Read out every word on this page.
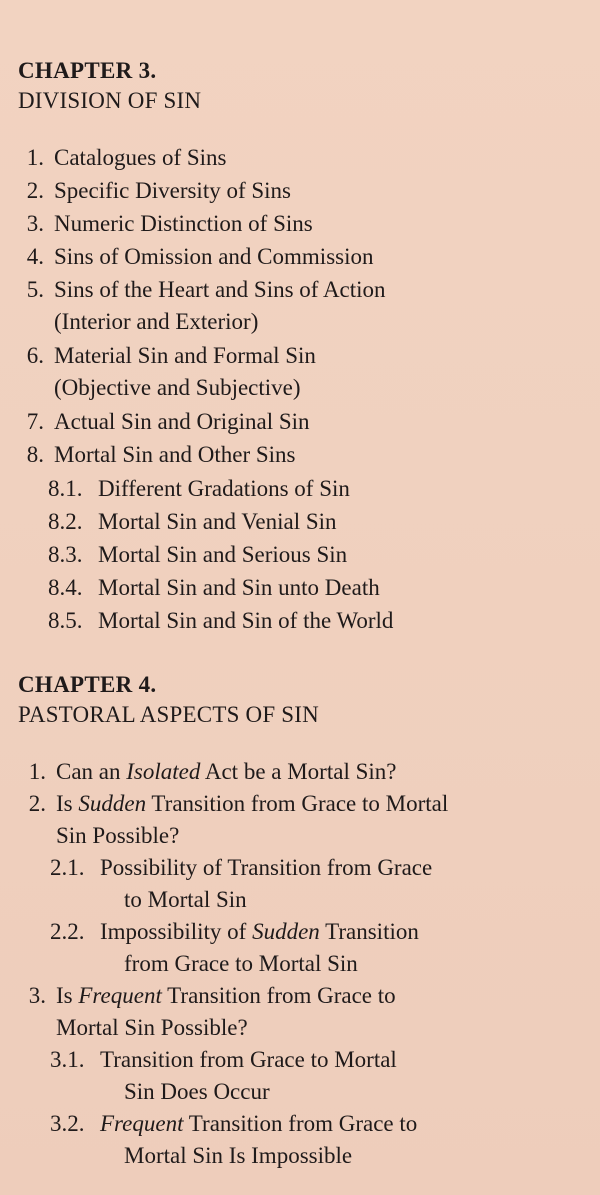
CHAPTER 3.
DIVISION OF SIN
1. Catalogues of Sins
2. Specific Diversity of Sins
3. Numeric Distinction of Sins
4. Sins of Omission and Commission
5. Sins of the Heart and Sins of Action
(Interior and Exterior)
6. Material Sin and Formal Sin
(Objective and Subjective)
7. Actual Sin and Original Sin
8. Mortal Sin and Other Sins
8.1. Different Gradations of Sin
8.2. Mortal Sin and Venial Sin
8.3. Mortal Sin and Serious Sin
8.4. Mortal Sin and Sin unto Death
8.5. Mortal Sin and Sin of the World
CHAPTER 4.
PASTORAL ASPECTS OF SIN
1. Can an Isolated Act be a Mortal Sin?
2. Is Sudden Transition from Grace to Mortal
Sin Possible?
2.1. Possibility of Transition from Grace
to Mortal Sin
2.2. Impossibility of Sudden Transition
from Grace to Mortal Sin
3. Is Frequent Transition from Grace to
Mortal Sin Possible?
3.1. Transition from Grace to Mortal
Sin Does Occur
3.2. Frequent Transition from Grace to
Mortal Sin Is Impossible
